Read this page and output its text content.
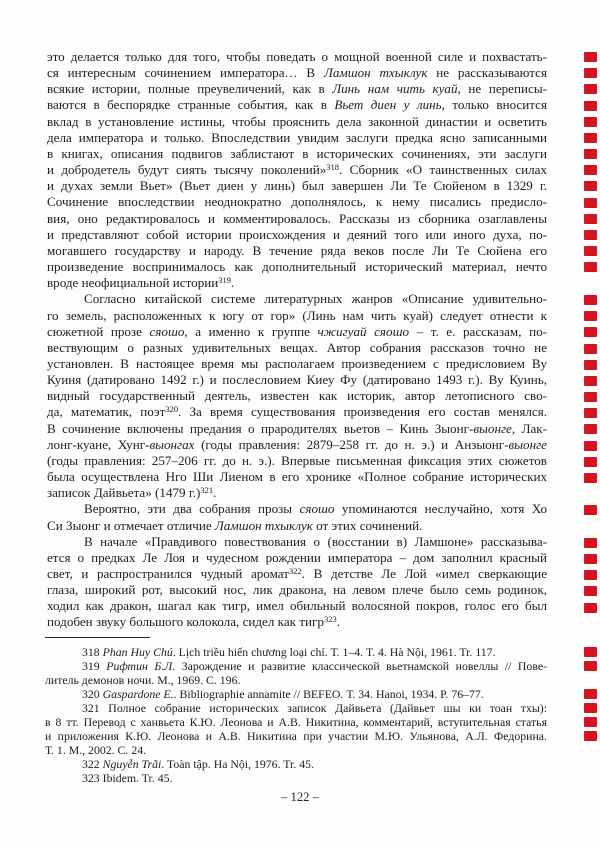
это делается только для того, чтобы поведать о мощной военной силе и похвастать-
ся интересным сочинением императора… В Ламшон тхыклук не рассказываются
всякие истории, полные преувеличений, как в Линь нам чить куай, не переписы-
ваются в беспорядке странные события, как в Вьет диен у линь, только вносится
вклад в установление истины, чтобы прояснить дела законной династии и осветить
дела императора и только. Впоследствии увидим заслуги предка ясно записанными
в книгах, описания подвигов заблистают в исторических сочинениях, эти заслуги
и добродетель будут сиять тысячу поколений»$^{318}$. Сборник «О таинственных силах
и духах земли Вьет» (Вьет диен у линь) был завершен Ли Те Сюйеном в 1329 г.
Сочинение впоследствии неоднократно дополнялось, к нему писались предисло-
вия, оно редактировалось и комментировалось. Рассказы из сборника озаглавлены
и представляют собой истории происхождения и деяний того или иного духа, по-
могавшего государству и народу. В течение ряда веков после Ли Те Сюйена его
произведение воспринималось как дополнительный исторический материал, нечто
вроде неофициальной истории$^{319}$.
Согласно китайской системе литературных жанров «Описание удивительно-
го земель, расположенных к югу от гор» (Линь нам чить куай) следует отнести к
сюжетной прозе сяошо, а именно к группе чжигуай сяошо – т. е. рассказам, по-
вествующим о разных удивительных вещах. Автор собрания рассказов точно не
установлен. В настоящее время мы располагаем произведением с предисловием Ву
Куиня (датировано 1492 г.) и послесловием Киеу Фу (датировано 1493 г.). Ву Куинь,
видный государственный деятель, известен как историк, автор летописного сво-
да, математик, поэт$^{320}$. За время существования произведения его состав менялся.
В сочинение включены предания о прародителях вьетов – Кинь Зыонг-выонге, Лак-
лонг-куане, Хунг-выонгах (годы правления: 2879–258 гг. до н. э.) и Анзыонг-выонге
(годы правления: 257–206 гг. до н. э.). Впервые письменная фиксация этих сюжетов
была осуществлена Нго Ши Лиеном в его хронике «Полное собрание исторических
записок Дайвьета» (1479 г.)$^{321}$.
Вероятно, эти два собрания прозы сяошо упоминаются неслучайно, хотя Хо
Си Зыонг и отмечает отличие Ламшон тхыклук от этих сочинений.
В начале «Правдивого повествования о (восстании в) Ламшоне» рассказыва-
ется о предках Ле Лоя и чудесном рождении императора – дом заполнил красный
свет, и распространился чудный аромат$^{322}$. В детстве Ле Лой «имел сверкающие
глаза, широкий рот, высокий нос, лик дракона, на левом плече было семь родинок,
ходил как дракон, шагал как тигр, имел обильный волосяной покров, голос его был
подобен звуку большого колокола, сидел как тигр$^{323}$.
318 Phan Huy Chú. Lịch triều hiến chương loại chí. Т. 1–4. Т. 4. Hà Nội, 1961. Tr. 117.
319 Рифтин Б.Л. Зарождение и развитие классической вьетнамской новеллы // Пове-
литель демонов ночи. М., 1969. С. 196.
320 Gaspardone E.. Bibliographie annamite // BEFEO. Т. 34. Hanoi, 1934. P. 76–77.
321 Полное собрание исторических записок Дайвьета (Дайвьет шы ки тоан тхы):
в 8 тт. Перевод с ханвьета К.Ю. Леонова и А.В. Никитина, комментарий, вступительная статья
и приложения К.Ю. Леонова и А.В. Никитина при участии М.Ю. Ульянова, А.Л. Федорина.
Т. 1. М., 2002. С. 24.
322 Nguyễn Trãi. Toàn tập. Ha Nội, 1976. Tr. 45.
323 Ibidem. Tr. 45.
– 122 –
